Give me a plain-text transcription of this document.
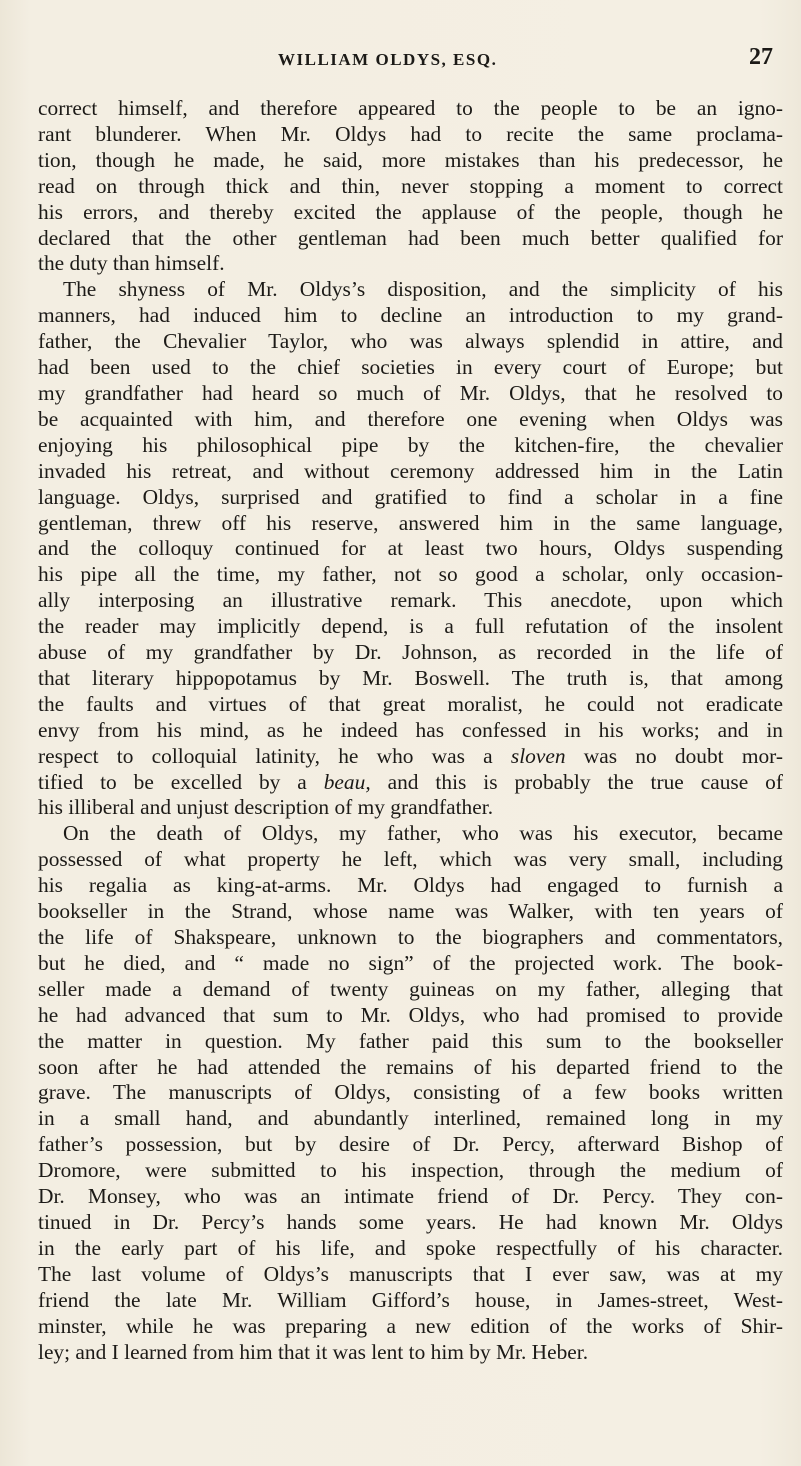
WILLIAM OLDYS, ESQ.	27

correct himself, and therefore appeared to the people to be an igno-

rant blunderer. When Mr. Oldys had to recite the same proclama-

tion, though he made, he said, more mistakes than his predecessor, he

read on through thick and thin, never stopping a moment to correct

his errors, and thereby excited the applause of the people, though he

declared that the other gentleman had been much better qualified for

the duty than himself.

The shyness of Mr. Oldys’s disposition, and the simplicity of his

manners, had induced him to decline an introduction to my grand-

father, the Chevalier Taylor, who was always splendid in attire, and

had been used to the chief societies in every court of Europe; but

my grandfather had heard so much of Mr. Oldys, that he resolved to

be acquainted with him, and therefore one evening when Oldys was

enjoying his philosophical pipe by the kitchen-fire, the chevalier

invaded his retreat, and without ceremony addressed him in the Latin

language. Oldys, surprised and gratified to find a scholar in a fine

gentleman, threw off his reserve, answered him in the same language,

and the colloquy continued for at least two hours, Oldys suspending

his pipe all the time, my father, not so good a scholar, only occasion-

ally interposing an illustrative remark. This anecdote, upon which

the reader may implicitly depend, is a full refutation of the insolent

abuse of my grandfather by Dr. Johnson, as recorded in the life of

that literary hippopotamus by Mr. Boswell. The truth is, that among

the faults and virtues of that great moralist, he could not eradicate

envy from his mind, as he indeed has confessed in his works; and in

respect to colloquial latinity, he who was a sloven was no doubt mor-

tified to be excelled by a beau, and this is probably the true cause of

his illiberal and unjust description of my grandfather.

On the death of Oldys, my father, who was his executor, became

possessed of what property he left, which was very small, including

his regalia as king-at-arms. Mr. Oldys had engaged to furnish a

bookseller in the Strand, whose name was Walker, with ten years of

the life of Shakspeare, unknown to the biographers and commentators,

but he died, and “ made no sign” of the projected work. The book-

seller made a demand of twenty guineas on my father, alleging that

he had advanced that sum to Mr. Oldys, who had promised to provide

the matter in question. My father paid this sum to the bookseller

soon after he had attended the remains of his departed friend to the

grave. The manuscripts of Oldys, consisting of a few books written

in a small hand, and abundantly interlined, remained long in my

father’s possession, but by desire of Dr. Percy, afterward Bishop of

Dromore, were submitted to his inspection, through the medium of

Dr. Monsey, who was an intimate friend of Dr. Percy. They con-

tinued in Dr. Percy’s hands some years. He had known Mr. Oldys

in the early part of his life, and spoke respectfully of his character.

The last volume of Oldys’s manuscripts that I ever saw, was at my

friend the late Mr. William Gifford’s house, in James-street, West-

minster, while he was preparing a new edition of the works of Shir-

ley; and I learned from him that it was lent to him by Mr. Heber.
